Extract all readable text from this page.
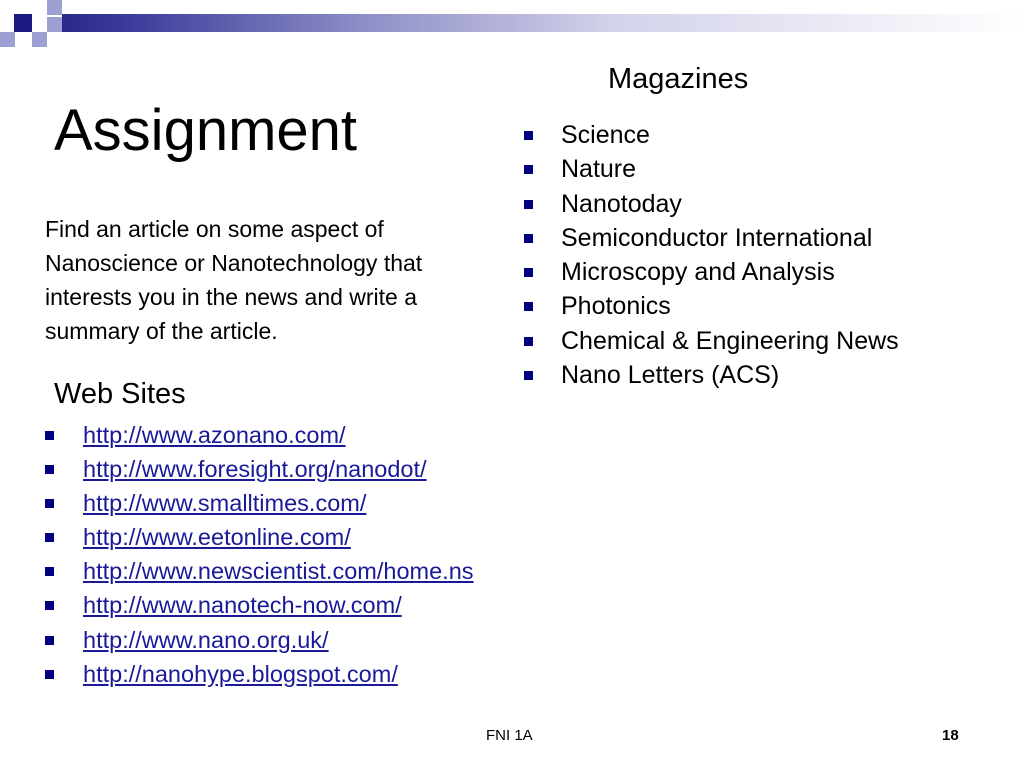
Assignment
Find an article on some aspect of Nanoscience or Nanotechnology that interests you in the news and write a summary of the article.
Magazines
Science
Nature
Nanotoday
Semiconductor International
Microscopy and Analysis
Photonics
Chemical & Engineering News
Nano Letters (ACS)
Web Sites
http://www.azonano.com/
http://www.foresight.org/nanodot/
http://www.smalltimes.com/
http://www.eetonline.com/
http://www.newscientist.com/home.ns
http://www.nanotech-now.com/
http://www.nano.org.uk/
http://nanohype.blogspot.com/
FNI 1A	18
